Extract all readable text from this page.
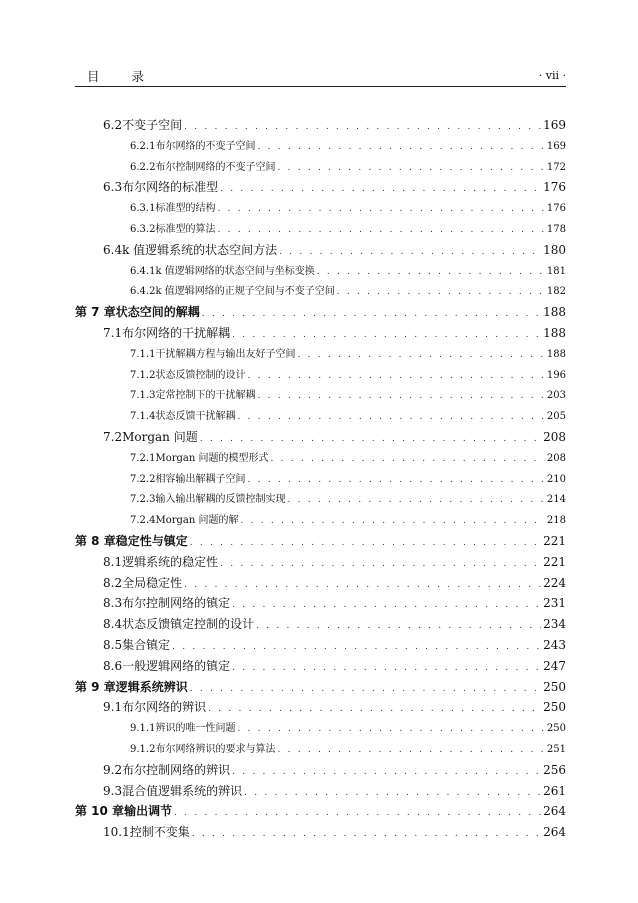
目 录	· vii ·
6.2 不变子空间 . . .	169
6.2.1 布尔网络的不变子空间 . . .	169
6.2.2 布尔控制网络的不变子空间 . . .	172
6.3 布尔网络的标准型 . . .	176
6.3.1 标准型的结构 . . .	176
6.3.2 标准型的算法 . . .	178
6.4 k 值逻辑系统的状态空间方法 . . .	180
6.4.1 k 值逻辑网络的状态空间与坐标变换 . . .	181
6.4.2 k 值逻辑网络的正规子空间与不变子空间 . . .	182
第 7 章 状态空间的解耦 . . .	188
7.1 布尔网络的干扰解耦 . . .	188
7.1.1 干扰解耦方程与输出友好子空间 . . .	188
7.1.2 状态反馈控制的设计 . . .	196
7.1.3 定常控制下的干扰解耦 . . .	203
7.1.4 状态反馈干扰解耦 . . .	205
7.2 Morgan 问题 . . .	208
7.2.1 Morgan 问题的模型形式 . . .	208
7.2.2 相容输出解耦子空间 . . .	210
7.2.3 输入输出解耦的反馈控制实现 . . .	214
7.2.4 Morgan 问题的解 . . .	218
第 8 章 稳定性与镇定 . . .	221
8.1 逻辑系统的稳定性 . . .	221
8.2 全局稳定性 . . .	224
8.3 布尔控制网络的镇定 . . .	231
8.4 状态反馈镇定控制的设计 . . .	234
8.5 集合镇定 . . .	243
8.6 一般逻辑网络的镇定 . . .	247
第 9 章 逻辑系统辨识 . . .	250
9.1 布尔网络的辨识 . . .	250
9.1.1 辨识的唯一性问题 . . .	250
9.1.2 布尔网络辨识的要求与算法 . . .	251
9.2 布尔控制网络的辨识 . . .	256
9.3 混合值逻辑系统的辨识 . . .	261
第 10 章 输出调节 . . .	264
10.1 控制不变集 . . .	264
